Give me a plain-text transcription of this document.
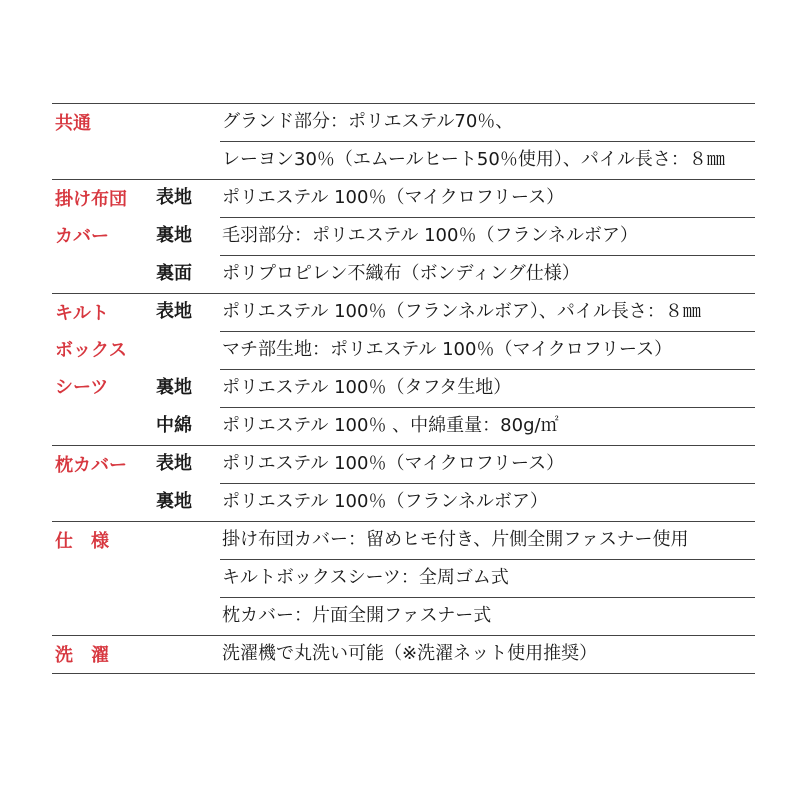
共通	グランド部分：ポリエステル70％、
レーヨン30％（エムールヒート50％使用）、パイル長さ：８㎜
掛け布団
カバー
表地 ポリエステル 100％（マイクロフリース）
裏地 毛羽部分：ポリエステル 100％（フランネルボア）
裏面 ポリプロピレン不織布（ボンディング仕様）
キルト
ボックス
シーツ
表地 ポリエステル 100％（フランネルボア）、パイル長さ：８㎜
マチ部生地：ポリエステル 100％（マイクロフリース）
裏地 ポリエステル 100％（タフタ生地）
中綿 ポリエステル 100％ 、中綿重量：80g/㎡
枕カバー	表地 ポリエステル 100％（マイクロフリース）
裏地 ポリエステル 100％（フランネルボア）
仕　様	掛け布団カバー：留めヒモ付き、片側全開ファスナー使用
キルトボックスシーツ：全周ゴム式
枕カバー：片面全開ファスナー式
洗　濯	洗濯機で丸洗い可能（※洗濯ネット使用推奨）
